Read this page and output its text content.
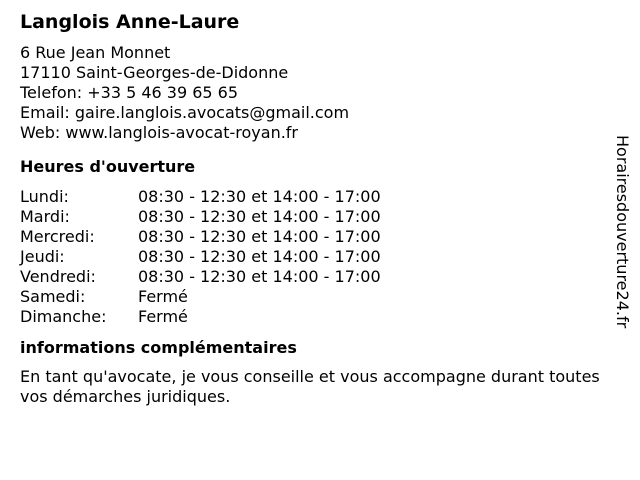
Langlois Anne-Laure
6 Rue Jean Monnet
17110 Saint-Georges-de-Didonne
Telefon: +33 5 46 39 65 65
Email: gaire.langlois.avocats@gmail.com
Web: www.langlois-avocat-royan.fr
Heures d'ouverture
Lundi:	08:30 - 12:30 et 14:00 - 17:00
Mardi:	08:30 - 12:30 et 14:00 - 17:00
Mercredi:	08:30 - 12:30 et 14:00 - 17:00
Jeudi:	08:30 - 12:30 et 14:00 - 17:00
Vendredi:	08:30 - 12:30 et 14:00 - 17:00
Samedi:	Fermé
Dimanche:	Fermé
informations complémentaires
En tant qu'avocate, je vous conseille et vous accompagne durant toutes vos démarches juridiques.
Horairesdouverture24.fr
